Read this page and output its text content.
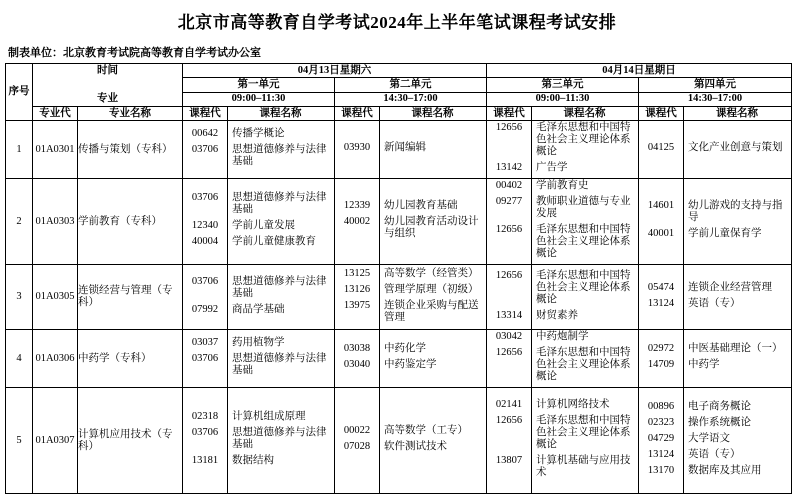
北京市高等教育自学考试2024年上半年笔试课程考试安排
制表单位：北京教育考试院高等教育自学考试办公室
序号	时间
专业		04月13日星期六		04月14日星期日	
			第一单元	第二单元	第三单元	第四单元
			09:00–11:30	14:30–17:00	09:00–11:30	14:30–17:00
	专业代	专业名称	课程代 课程名称	课程代 课程名称	课程代 课程名称	课程代 课程名称

1	01A0301	传播与策划（专科）	
00642	传播学概论
03706	思想道德修养与法律基础

03930	新闻编辑

12656	毛泽东思想和中国特色社会主义理论体系概论
13142	广告学

04125	文化产业创意与策划

2	01A0303	学前教育（专科）	
03706	思想道德修养与法律基础
12340	学前儿童发展
40004	学前儿童健康教育

12339	幼儿园教育基础
40002	幼儿园教育活动设计与组织

00402	学前教育史
09277	教师职业道德与专业发展
12656	毛泽东思想和中国特色社会主义理论体系概论

14601	幼儿游戏的支持与指导
40001	学前儿童保育学

3	01A0305	连锁经营与管理（专科）	
03706	思想道德修养与法律基础
07992	商品学基础

13125	高等数学（经管类）
13126	管理学原理（初级）
13975	连锁企业采购与配送管理

12656	毛泽东思想和中国特色社会主义理论体系概论
13314	财贸素养

05474	连锁企业经营管理
13124	英语（专）

4	01A0306	中药学（专科）	
03037	药用植物学
03706	思想道德修养与法律基础

03038	中药化学
03040	中药鉴定学

03042	中药炮制学
12656	毛泽东思想和中国特色社会主义理论体系概论

02972	中医基础理论（一）
14709	中药学

5	01A0307	计算机应用技术（专科）	
02318	计算机组成原理
03706	思想道德修养与法律基础
13181	数据结构

00022	高等数学（工专）
07028	软件测试技术

02141	计算机网络技术
12656	毛泽东思想和中国特色社会主义理论体系概论
13807	计算机基础与应用技术

00896	电子商务概论
02323	操作系统概论
04729	大学语文
13124	英语（专）
13170	数据库及其应用
